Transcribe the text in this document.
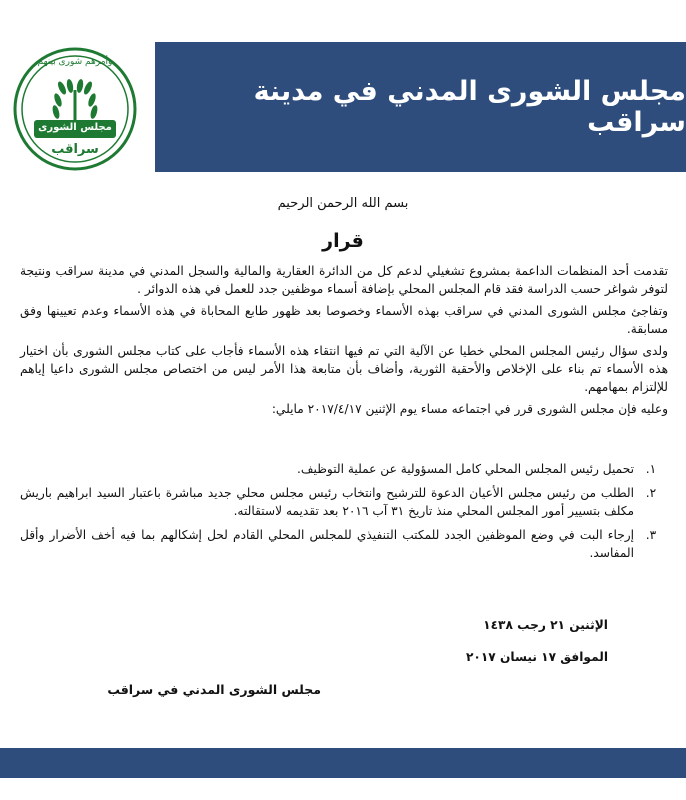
وأمرهم شورى بينهم
مجلس الشورى
سراقب
مجلس الشورى المدني في مدينة سراقب
بسم الله الرحمن الرحيم
قرار

تقدمت أحد المنظمات الداعمة بمشروع تشغيلي لدعم كل من الدائرة العقارية والمالية والسجل المدني في مدينة سراقب ونتيجة لتوفر شواغر حسب الدراسة فقد قام المجلس المحلي بإضافة أسماء موظفين جدد للعمل في هذه الدوائر .

وتفاجئ مجلس الشورى المدني في سراقب بهذه الأسماء وخصوصا بعد ظهور طابع المحاباة في هذه الأسماء وعدم تعيينها وفق مسابقة.

ولدى سؤال رئيس المجلس المحلي خطيا عن الآلية التي تم فيها انتقاء هذه الأسماء فأجاب على كتاب مجلس الشورى بأن اختيار هذه الأسماء تم بناء على الإخلاص والأحقية الثورية، وأضاف بأن متابعة هذا الأمر ليس من اختصاص مجلس الشورى داعيا إياهم للإلتزام بمهامهم.

وعليه فإن مجلس الشورى قرر في اجتماعه مساء يوم الإثنين ٢٠١٧/٤/١٧ مايلي:

١.
تحميل رئيس المجلس المحلي كامل المسؤولية عن عملية التوظيف.
٢.
الطلب من رئيس مجلس الأعيان الدعوة للترشيح وانتخاب رئيس مجلس محلي جديد مباشرة باعتبار السيد ابراهيم باريش مكلف بتسيير أمور المجلس المحلي منذ تاريخ ٣١ آب ٢٠١٦ بعد تقديمه لاستقالته.
٣.
إرجاء البت في وضع الموظفين الجدد للمكتب التنفيذي للمجلس المحلي القادم لحل إشكالهم بما فيه أخف الأضرار وأقل المفاسد.
الإثنين ٢١ رجب ١٤٣٨
الموافق ١٧ نيسان ٢٠١٧
مجلس الشورى المدني في سراقب
